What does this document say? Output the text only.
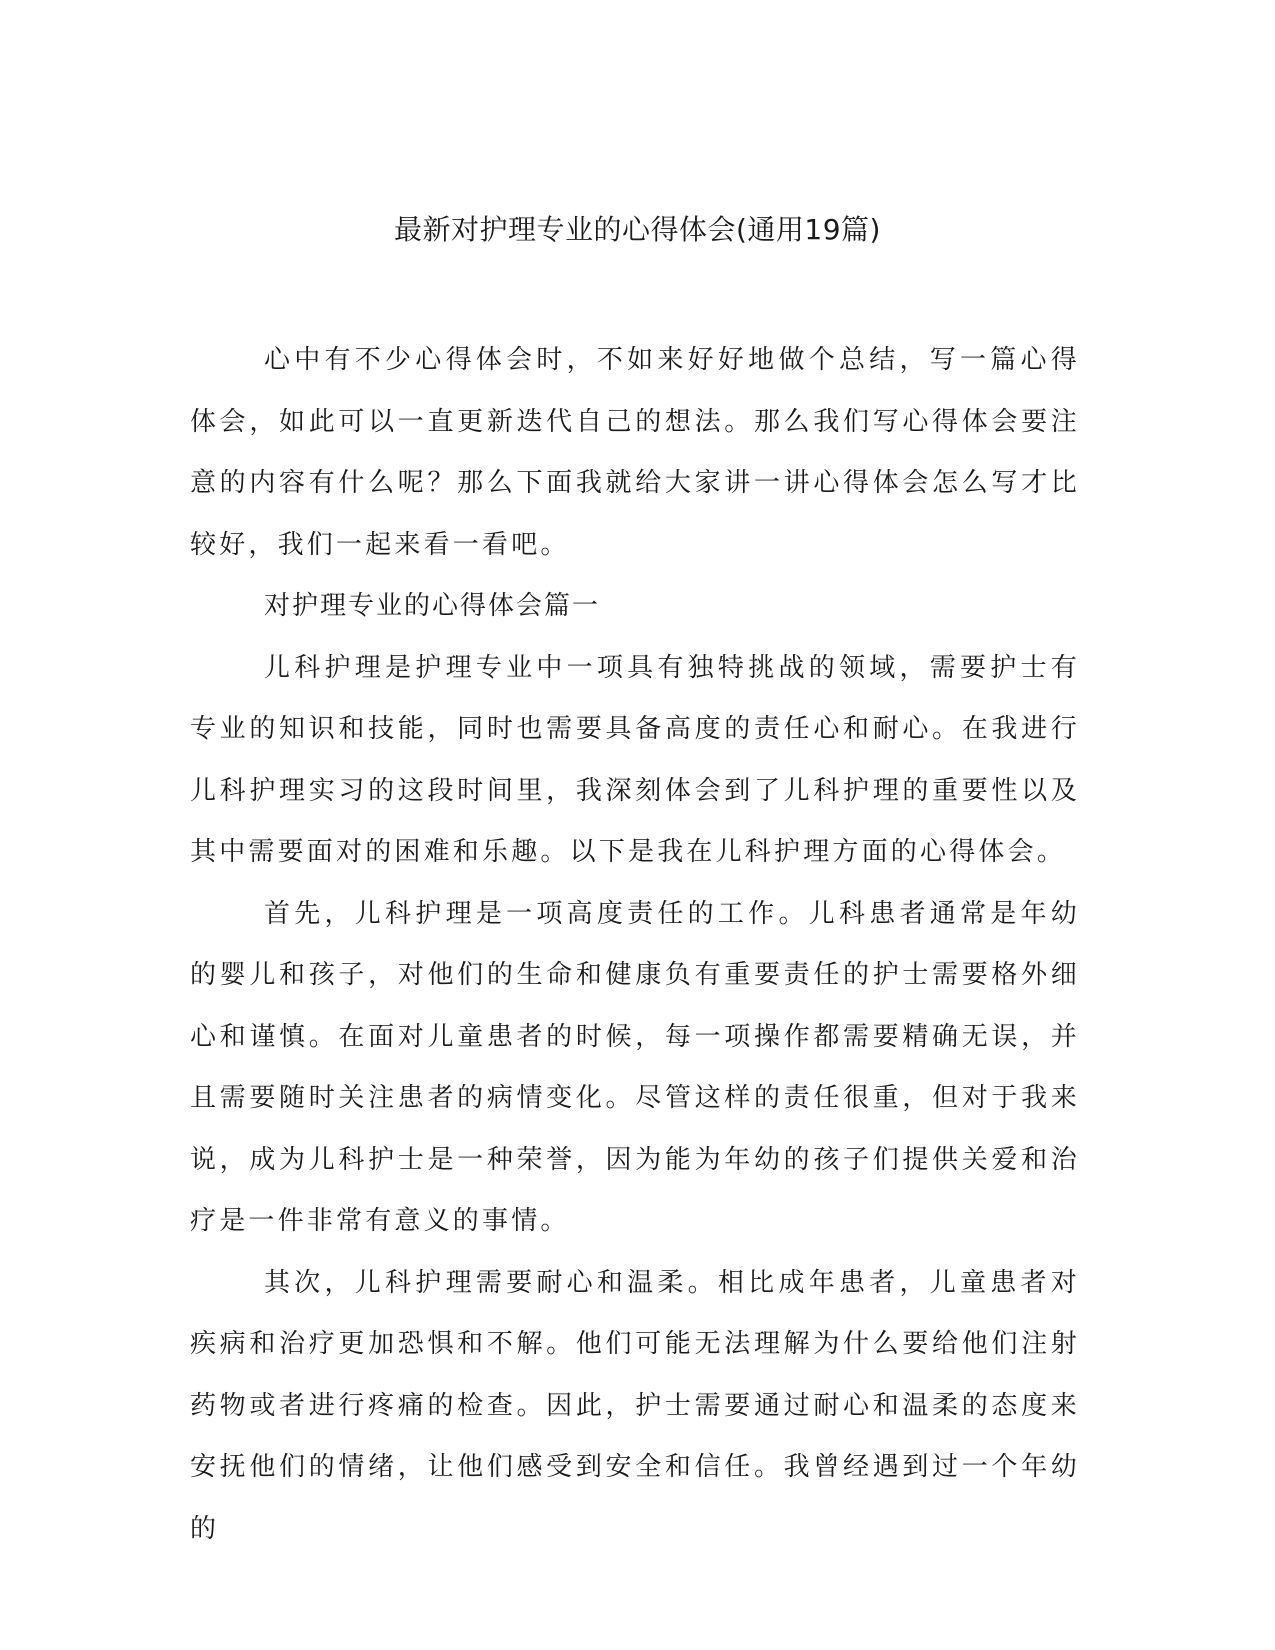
最新对护理专业的心得体会(通用19篇)

心中有不少心得体会时，不如来好好地做个总结，写一篇心得体会，如此可以一直更新迭代自己的想法。那么我们写心得体会要注意的内容有什么呢？那么下面我就给大家讲一讲心得体会怎么写才比较好，我们一起来看一看吧。

对护理专业的心得体会篇一

儿科护理是护理专业中一项具有独特挑战的领域，需要护士有专业的知识和技能，同时也需要具备高度的责任心和耐心。在我进行儿科护理实习的这段时间里，我深刻体会到了儿科护理的重要性以及其中需要面对的困难和乐趣。以下是我在儿科护理方面的心得体会。

首先，儿科护理是一项高度责任的工作。儿科患者通常是年幼的婴儿和孩子，对他们的生命和健康负有重要责任的护士需要格外细心和谨慎。在面对儿童患者的时候，每一项操作都需要精确无误，并且需要随时关注患者的病情变化。尽管这样的责任很重，但对于我来说，成为儿科护士是一种荣誉，因为能为年幼的孩子们提供关爱和治疗是一件非常有意义的事情。

其次，儿科护理需要耐心和温柔。相比成年患者，儿童患者对疾病和治疗更加恐惧和不解。他们可能无法理解为什么要给他们注射药物或者进行疼痛的检查。因此，护士需要通过耐心和温柔的态度来安抚他们的情绪，让他们感受到安全和信任。我曾经遇到过一个年幼的
